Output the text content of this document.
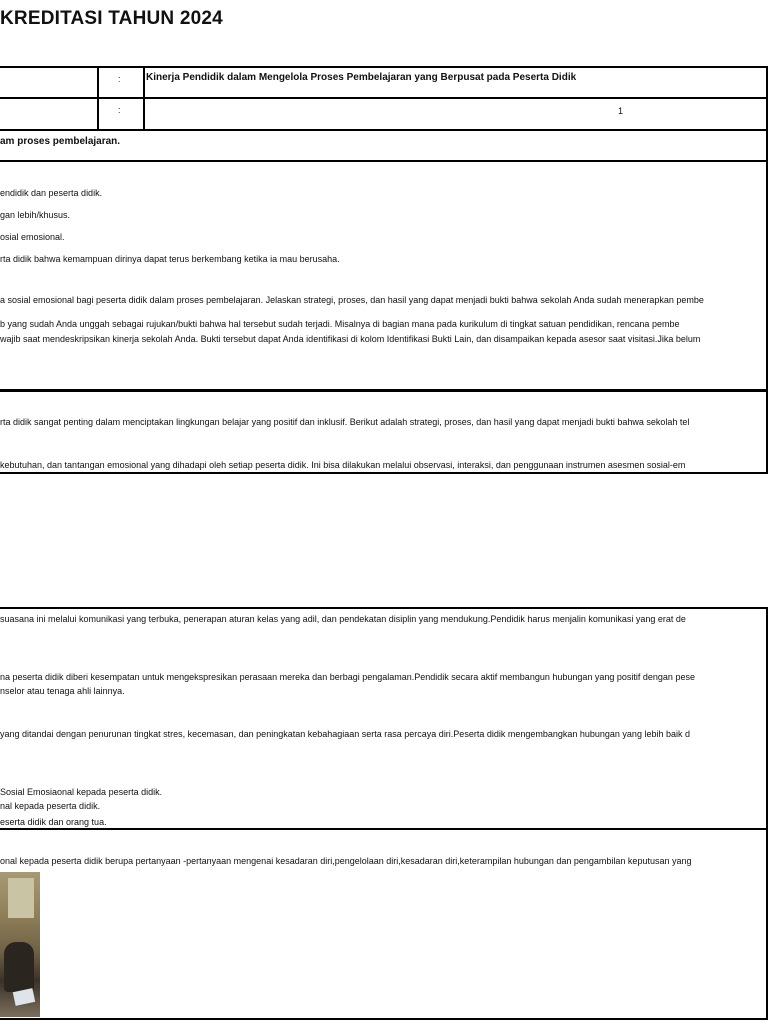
KREDITASI TAHUN 2024
:	Kinerja Pendidik dalam Mengelola Proses Pembelajaran yang Berpusat pada Peserta Didik
:	1
am proses pembelajaran.
endidik dan peserta didik.
gan lebih/khusus.
osial emosional.
rta didik bahwa kemampuan dirinya dapat terus berkembang ketika ia mau berusaha.
a sosial emosional bagi peserta didik dalam proses pembelajaran. Jelaskan strategi, proses, dan hasil yang dapat menjadi bukti bahwa sekolah Anda sudah menerapkan pembe
b yang sudah Anda unggah sebagai rujukan/bukti bahwa hal tersebut sudah terjadi. Misalnya di bagian mana pada kurikulum di tingkat satuan pendidikan, rencana pembe
wajib saat mendeskripsikan kinerja sekolah Anda. Bukti tersebut dapat Anda identifikasi di kolom Identifikasi Bukti Lain, dan disampaikan kepada asesor saat visitasi.Jika belum
rta didik sangat penting dalam menciptakan lingkungan belajar yang positif dan inklusif. Berikut adalah strategi, proses, dan hasil yang dapat menjadi bukti bahwa sekolah tel
kebutuhan, dan tantangan emosional yang dihadapi oleh setiap peserta didik. Ini bisa dilakukan melalui observasi, interaksi, dan penggunaan instrumen asesmen sosial-em
suasana ini melalui komunikasi yang terbuka, penerapan aturan kelas yang adil, dan pendekatan disiplin yang mendukung.Pendidik harus menjalin komunikasi yang erat de
na peserta didik diberi kesempatan untuk mengekspresikan perasaan mereka dan berbagi pengalaman.Pendidik secara aktif membangun hubungan yang positif dengan pese
nselor atau tenaga ahli lainnya.
yang ditandai dengan penurunan tingkat stres, kecemasan, dan peningkatan kebahagiaan serta rasa percaya diri.Peserta didik mengembangkan hubungan yang lebih baik d
Sosial Emosiaonal kepada peserta didik.
nal kepada peserta didik.
eserta didik dan orang tua.
onal kepada peserta didik berupa pertanyaan -pertanyaan mengenai kesadaran diri,pengelolaan diri,kesadaran diri,keterampilan hubungan dan pengambilan keputusan yang
